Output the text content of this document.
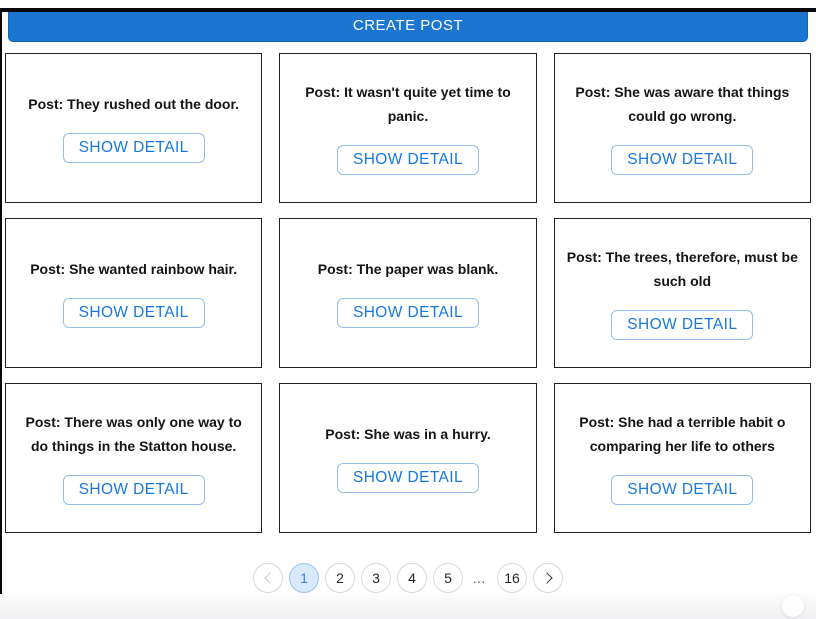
CREATE POST
Post: They rushed out the door.
SHOW DETAIL
Post: It wasn't quite yet time to panic.
SHOW DETAIL
Post: She was aware that things could go wrong.
SHOW DETAIL
Post: She wanted rainbow hair.
SHOW DETAIL
Post: The paper was blank.
SHOW DETAIL
Post: The trees, therefore, must be such old
SHOW DETAIL
Post: There was only one way to do things in the Statton house.
SHOW DETAIL
Post: She was in a hurry.
SHOW DETAIL
Post: She had a terrible habit o comparing her life to others
SHOW DETAIL
1	2	3	4	5	…	16
